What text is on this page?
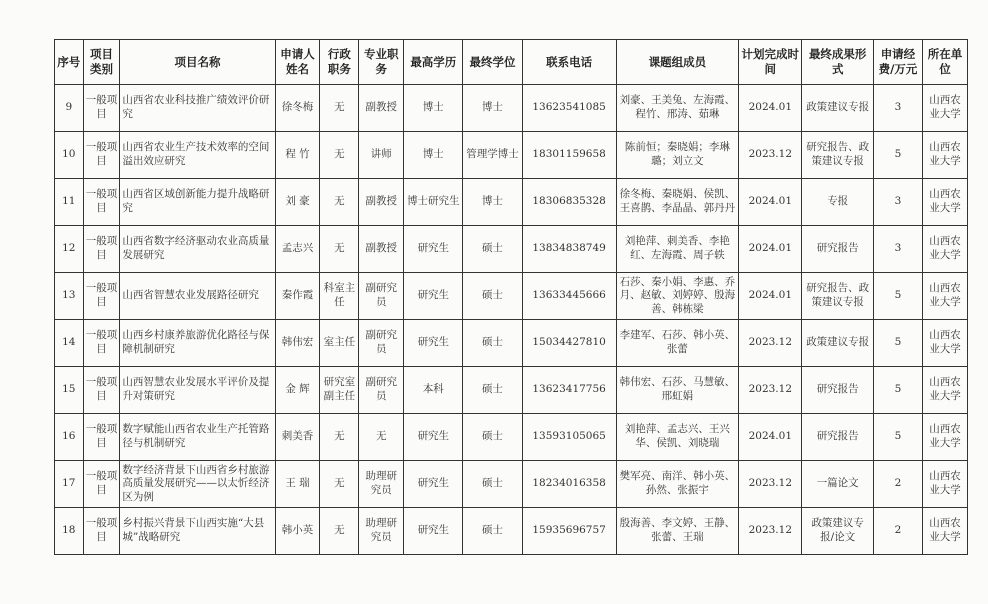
序号	项目类别	项目名称	申请人姓名	行政职务	专业职务	最高学历	最终学位	联系电话	课题组成员	计划完成时间	最终成果形式	申请经费/万元	所在单位
9	一般项目	山西省农业科技推广绩效评价研究	徐冬梅	无	副教授	博士	博士	13623541085	刘豪、王美兔、左海霞、程竹、邢涛、茹琳	2024.01	政策建议专报	3	山西农业大学
10	一般项目	山西省农业生产技术效率的空间溢出效应研究	程 竹	无	讲师	博士	管理学博士	18301159658	陈前恒；秦晓娟；李琳璐；刘立文	2023.12	研究报告、政策建议专报	5	山西农业大学
11	一般项目	山西省区域创新能力提升战略研究	刘 豪	无	副教授	博士研究生	博士	18306835328	徐冬梅、秦晓娟、侯凯、王喜鹊、李晶晶、郭丹丹	2024.01	专报	3	山西农业大学
12	一般项目	山西省数字经济驱动农业高质量发展研究	孟志兴	无	副教授	研究生	硕士	13834838749	刘艳萍、刺美香、李艳红、左海霞、周子轶	2024.01	研究报告	3	山西农业大学
13	一般项目	山西省智慧农业发展路径研究	秦作霞	科室主任	副研究员	研究生	硕士	13633445666	石莎、秦小娟、李惠、乔月、赵敏、刘婷婷、殷海善、韩栋梁	2024.01	研究报告、政策建议专报	5	山西农业大学
14	一般项目	山西乡村康养旅游优化路径与保障机制研究	韩伟宏	室主任	副研究员	研究生	硕士	15034427810	李建军、石莎、韩小英、张蕾	2023.12	政策建议专报	5	山西农业大学
15	一般项目	山西智慧农业发展水平评价及提升对策研究	金 辉	研究室副主任	副研究员	本科	硕士	13623417756	韩伟宏、石莎、马慧敏、邢虹娟	2023.12	研究报告	5	山西农业大学
16	一般项目	数字赋能山西省农业生产托管路径与机制研究	刺美香	无	无	研究生	硕士	13593105065	刘艳萍、孟志兴、王兴华、侯凯、刘晓瑞	2024.01	研究报告	5	山西农业大学
17	一般项目	数字经济背景下山西省乡村旅游高质量发展研究——以太忻经济区为例	王 瑞	无	助理研究员	研究生	硕士	18234016358	樊军亮、南洋、韩小英、孙然、张振宇	2023.12	一篇论文	2	山西农业大学
18	一般项目	乡村振兴背景下山西实施“大县城”战略研究	韩小英	无	助理研究员	研究生	硕士	15935696757	殷海善、李文婷、王静、张蕾、王瑞	2023.12	政策建议专报/论文	2	山西农业大学
